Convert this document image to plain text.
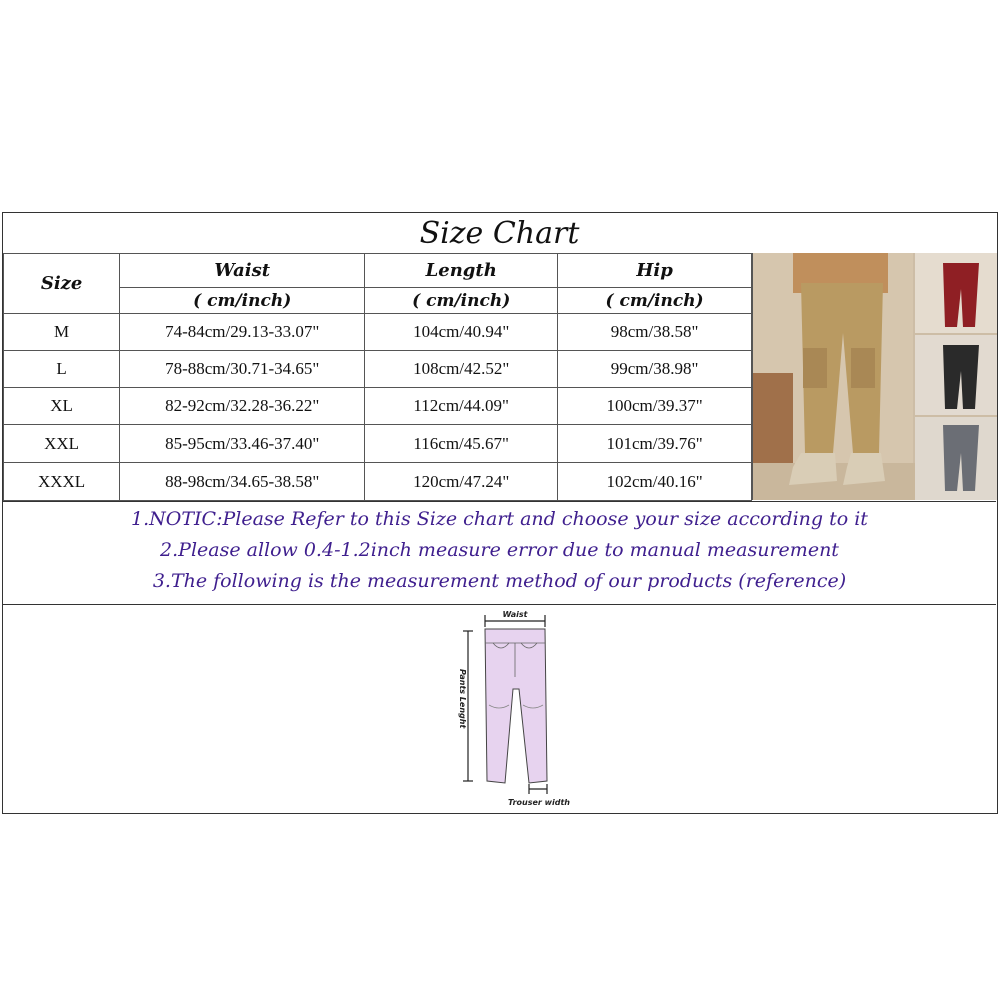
Size Chart
Size	Waist	Length	Hip
	( cm/inch)	( cm/inch)	( cm/inch)
M	74-84cm/29.13-33.07"	104cm/40.94"	98cm/38.58"
L	78-88cm/30.71-34.65"	108cm/42.52"	99cm/38.98"
XL	82-92cm/32.28-36.22"	112cm/44.09"	100cm/39.37"
XXL	85-95cm/33.46-37.40"	116cm/45.67"	101cm/39.76"
XXXL	88-98cm/34.65-38.58"	120cm/47.24"	102cm/40.16"
1.NOTIC:Please Refer to this Size chart and choose your size according to it
2.Please allow 0.4-1.2inch measure error due to manual measurement
3.The following is the measurement method of our products (reference)
Waist
Pants Lenght
Trouser width
